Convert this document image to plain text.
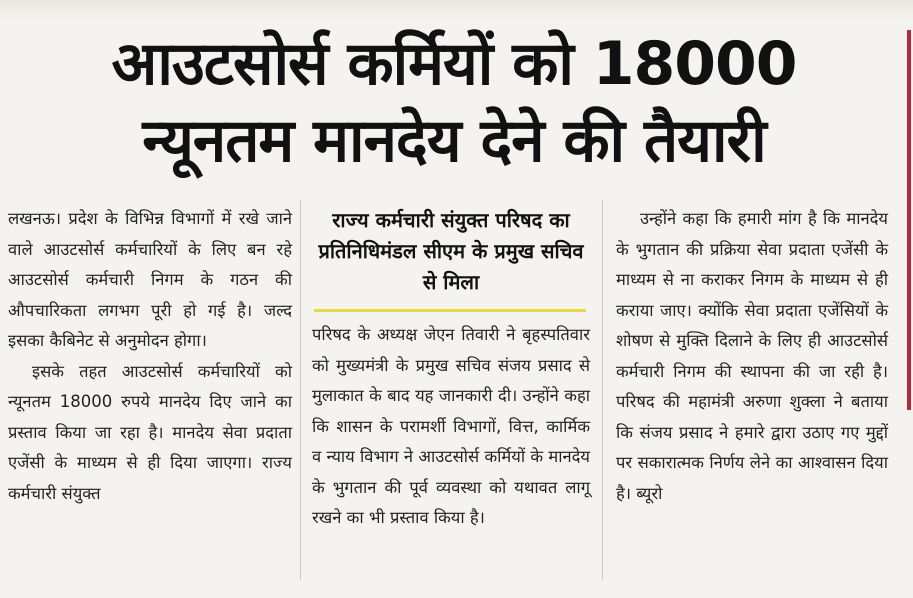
आउटसोर्स कर्मियों को 18000
न्यूनतम मानदेय देने की तैयारी

लखनऊ। प्रदेश के विभिन्न विभागों में रखे जाने वाले आउटसोर्स कर्मचारियों के लिए बन रहे आउटसोर्स कर्मचारी निगम के गठन की औपचारिकता लगभग पूरी हो गई है। जल्द इसका कैबिनेट से अनुमोदन होगा।

इसके तहत आउटसोर्स कर्मचारियों को न्यूनतम 18000 रुपये मानदेय दिए जाने का प्रस्ताव किया जा रहा है। मानदेय सेवा प्रदाता एजेंसी के माध्यम से ही दिया जाएगा। राज्य कर्मचारी संयुक्त

राज्य कर्मचारी संयुक्त परिषद का प्रतिनिधिमंडल सीएम के प्रमुख सचिव से मिला

परिषद के अध्यक्ष जेएन तिवारी ने बृहस्पतिवार को मुख्यमंत्री के प्रमुख सचिव संजय प्रसाद से मुलाकात के बाद यह जानकारी दी। उन्होंने कहा कि शासन के परामर्शी विभागों, वित्त, कार्मिक व न्याय विभाग ने आउटसोर्स कर्मियों के मानदेय के भुगतान की पूर्व व्यवस्था को यथावत लागू रखने का भी प्रस्ताव किया है।

उन्होंने कहा कि हमारी मांग है कि मानदेय के भुगतान की प्रक्रिया सेवा प्रदाता एजेंसी के माध्यम से ना कराकर निगम के माध्यम से ही कराया जाए। क्योंकि सेवा प्रदाता एजेंसियों के शोषण से मुक्ति दिलाने के लिए ही आउटसोर्स कर्मचारी निगम की स्थापना की जा रही है। परिषद की महामंत्री अरुणा शुक्ला ने बताया कि संजय प्रसाद ने हमारे द्वारा उठाए गए मुद्दों पर सकारात्मक निर्णय लेने का आश्वासन दिया है। ब्यूरो
